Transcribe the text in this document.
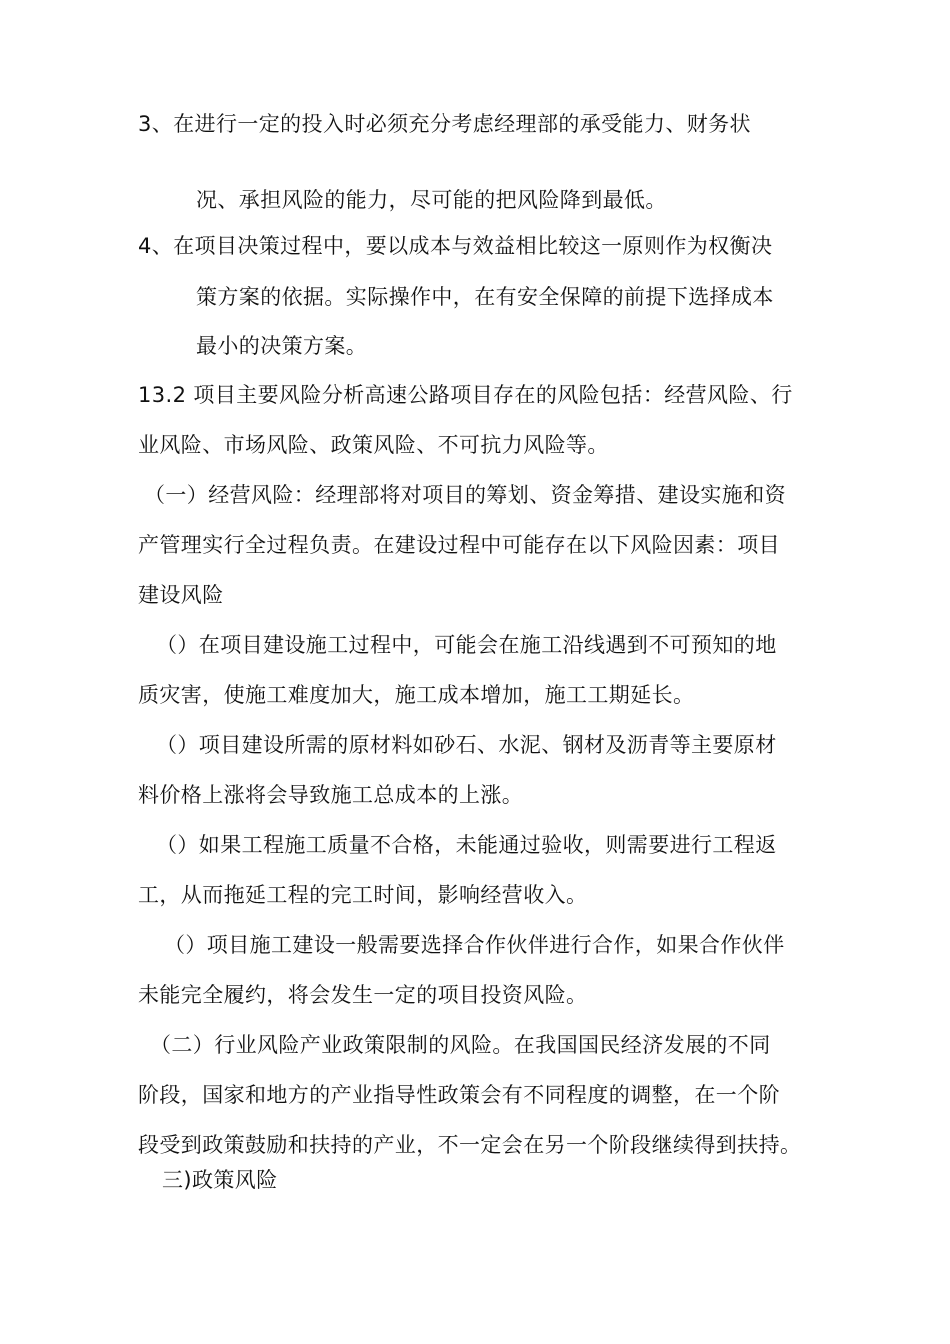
3、在进行一定的投入时必须充分考虑经理部的承受能力、财务状
况、承担风险的能力，尽可能的把风险降到最低。
4、在项目决策过程中，要以成本与效益相比较这一原则作为权衡决
策方案的依据。实际操作中，在有安全保障的前提下选择成本
最小的决策方案。
13.2 项目主要风险分析高速公路项目存在的风险包括：经营风险、行
业风险、市场风险、政策风险、不可抗力风险等。
（一）经营风险：经理部将对项目的筹划、资金筹措、建设实施和资
产管理实行全过程负责。在建设过程中可能存在以下风险因素：项目
建设风险
（）在项目建设施工过程中，可能会在施工沿线遇到不可预知的地
质灾害，使施工难度加大，施工成本增加，施工工期延长。
（）项目建设所需的原材料如砂石、水泥、钢材及沥青等主要原材
料价格上涨将会导致施工总成本的上涨。
（）如果工程施工质量不合格，未能通过验收，则需要进行工程返
工，从而拖延工程的完工时间，影响经营收入。
（）项目施工建设一般需要选择合作伙伴进行合作，如果合作伙伴
未能完全履约，将会发生一定的项目投资风险。
（二）行业风险产业政策限制的风险。在我国国民经济发展的不同
阶段，国家和地方的产业指导性政策会有不同程度的调整，在一个阶
段受到政策鼓励和扶持的产业，不一定会在另一个阶段继续得到扶持。
三)政策风险
